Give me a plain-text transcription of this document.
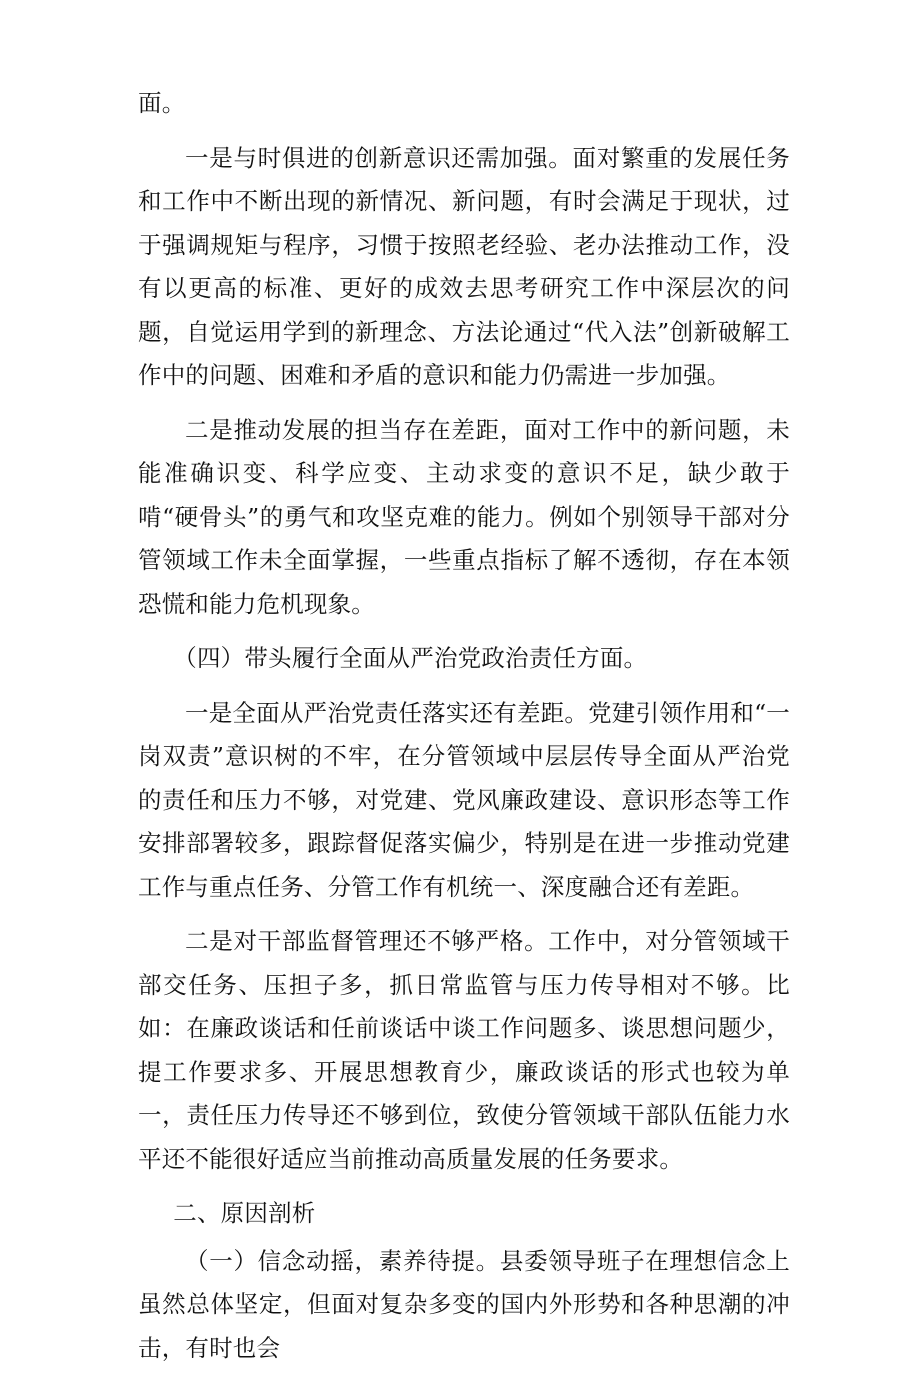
面。

一是与时俱进的创新意识还需加强。面对繁重的发展任务和工作中不断出现的新情况、新问题，有时会满足于现状，过于强调规矩与程序，习惯于按照老经验、老办法推动工作，没有以更高的标准、更好的成效去思考研究工作中深层次的问题，自觉运用学到的新理念、方法论通过“代入法”创新破解工作中的问题、困难和矛盾的意识和能力仍需进一步加强。

二是推动发展的担当存在差距，面对工作中的新问题，未能准确识变、科学应变、主动求变的意识不足，缺少敢于啃“硬骨头”的勇气和攻坚克难的能力。例如个别领导干部对分管领域工作未全面掌握，一些重点指标了解不透彻，存在本领恐慌和能力危机现象。

（四）带头履行全面从严治党政治责任方面。

一是全面从严治党责任落实还有差距。党建引领作用和“一岗双责”意识树的不牢，在分管领域中层层传导全面从严治党的责任和压力不够，对党建、党风廉政建设、意识形态等工作安排部署较多，跟踪督促落实偏少，特别是在进一步推动党建工作与重点任务、分管工作有机统一、深度融合还有差距。

二是对干部监督管理还不够严格。工作中，对分管领域干部交任务、压担子多，抓日常监管与压力传导相对不够。比如：在廉政谈话和任前谈话中谈工作问题多、谈思想问题少，提工作要求多、开展思想教育少，廉政谈话的形式也较为单一，责任压力传导还不够到位，致使分管领域干部队伍能力水平还不能很好适应当前推动高质量发展的任务要求。

二、原因剖析

（一）信念动摇，素养待提。县委领导班子在理想信念上虽然总体坚定，但面对复杂多变的国内外形势和各种思潮的冲击，有时也会
